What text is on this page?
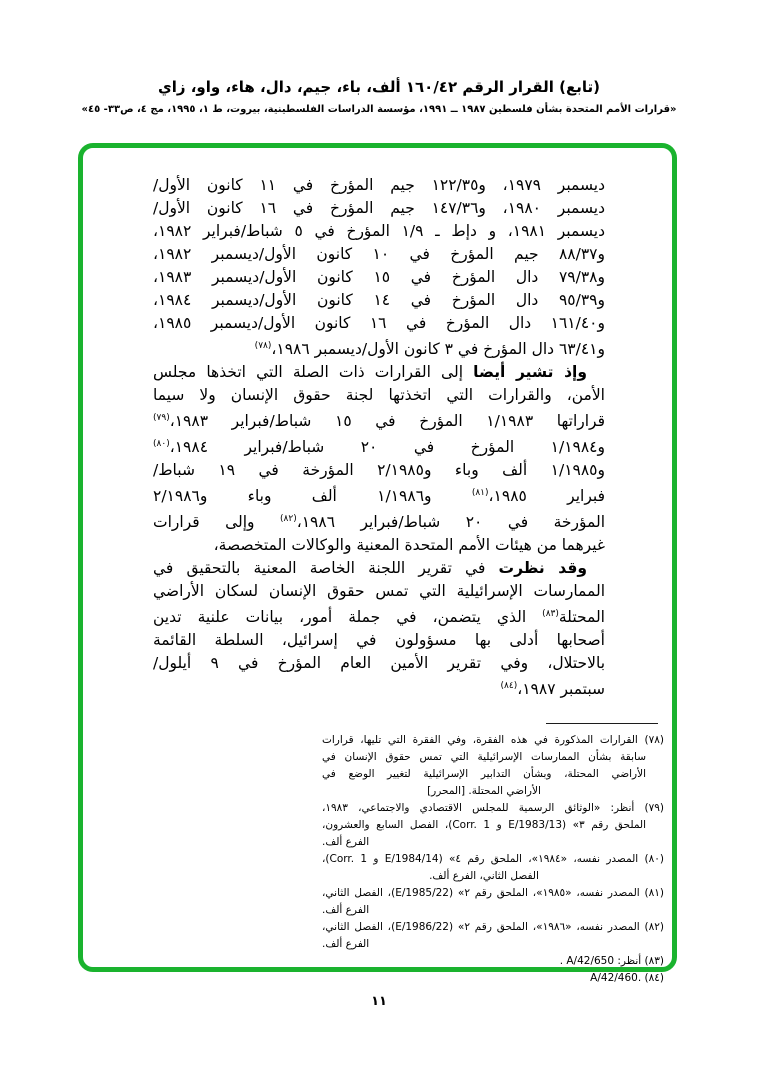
(تابع) القرار الرقم ١٦٠/٤٢ ألف، باء، جيم، دال، هاء، واو، زاي
«قرارات الأمم المتحدة بشأن فلسطين ١٩٨٧ ــ ١٩٩١، مؤسسة الدراسات الفلسطينية، بيروت، ط ١، ١٩٩٥، مج ٤، ص٣٣- ٤٥»
ديسمبر ١٩٧٩، و١٢٢/٣٥ جيم المؤرخ في ١١ كانون الأول/
ديسمبر ١٩٨٠، و١٤٧/٣٦ جيم المؤرخ في ١٦ كانون الأول/
ديسمبر ١٩٨١، و دإط ـ ١/٩ المؤرخ في ٥ شباط/فبراير ١٩٨٢،
و٨٨/٣٧ جيم المؤرخ في ١٠ كانون الأول/ديسمبر ١٩٨٢،
و٧٩/٣٨ دال المؤرخ في ١٥ كانون الأول/ديسمبر ١٩٨٣،
و٩٥/٣٩ دال المؤرخ في ١٤ كانون الأول/ديسمبر ١٩٨٤،
و١٦١/٤٠ دال المؤرخ في ١٦ كانون الأول/ديسمبر ١٩٨٥،
و٦٣/٤١ دال المؤرخ في ٣ كانون الأول/ديسمبر ١٩٨٦،$^{(٧٨)}$
وإذ تشير أيضا إلى القرارات ذات الصلة التي اتخذها مجلس
الأمن، والقرارات التي اتخذتها لجنة حقوق الإنسان ولا سيما
قراراتها ١/١٩٨٣ المؤرخ في ١٥ شباط/فبراير ١٩٨٣،$^{(٧٩)}$
و١/١٩٨٤ المؤرخ في ٢٠ شباط/فبراير ١٩٨٤،$^{(٨٠)}$
و١/١٩٨٥ ألف وباء و٢/١٩٨٥ المؤرخة في ١٩ شباط/
فبراير ١٩٨٥،$^{(٨١)}$ و١/١٩٨٦ ألف وباء و٢/١٩٨٦
المؤرخة في ٢٠ شباط/فبراير ١٩٨٦،$^{(٨٢)}$ وإلى قرارات
غيرهما من هيئات الأمم المتحدة المعنية والوكالات المتخصصة،
وقد نظرت في تقرير اللجنة الخاصة المعنية بالتحقيق في
الممارسات الإسرائيلية التي تمس حقوق الإنسان لسكان الأراضي
المحتلة$^{(٨٣)}$ الذي يتضمن، في جملة أمور، بيانات علنية تدين
أصحابها أدلى بها مسؤولون في إسرائيل، السلطة القائمة
بالاحتلال، وفي تقرير الأمين العام المؤرخ في ٩ أيلول/
سبتمبر ١٩٨٧،$^{(٨٤)}$
(٧٨) القرارات المذكورة في هذه الفقرة، وفي الفقرة التي تليها، قرارات
سابقة بشأن الممارسات الإسرائيلية التي تمس حقوق الإنسان في
الأراضي المحتلة، وبشأن التدابير الإسرائيلية لتغيير الوضع في
الأراضي المحتلة. [المحرر]
(٧٩) أنظر: «الوثائق الرسمية للمجلس الاقتصادي والاجتماعي، ١٩٨٣،
الملحق رقم ٣» (E/1983/13 و Corr. 1)، الفصل السابع والعشرون،
الفرع ألف.
(٨٠) المصدر نفسه، «١٩٨٤»، الملحق رقم ٤» (E/1984/14 و Corr. 1)،
الفصل الثاني، الفرع ألف.
(٨١) المصدر نفسه، «١٩٨٥»، الملحق رقم ٢» (E/1985/22)، الفصل الثاني،
الفرع ألف.
(٨٢) المصدر نفسه، «١٩٨٦»، الملحق رقم ٢» (E/1986/22)، الفصل الثاني،
الفرع ألف.
(٨٣) أنظر: A/42/650 .
(٨٤) A/42/460.‎
١١
